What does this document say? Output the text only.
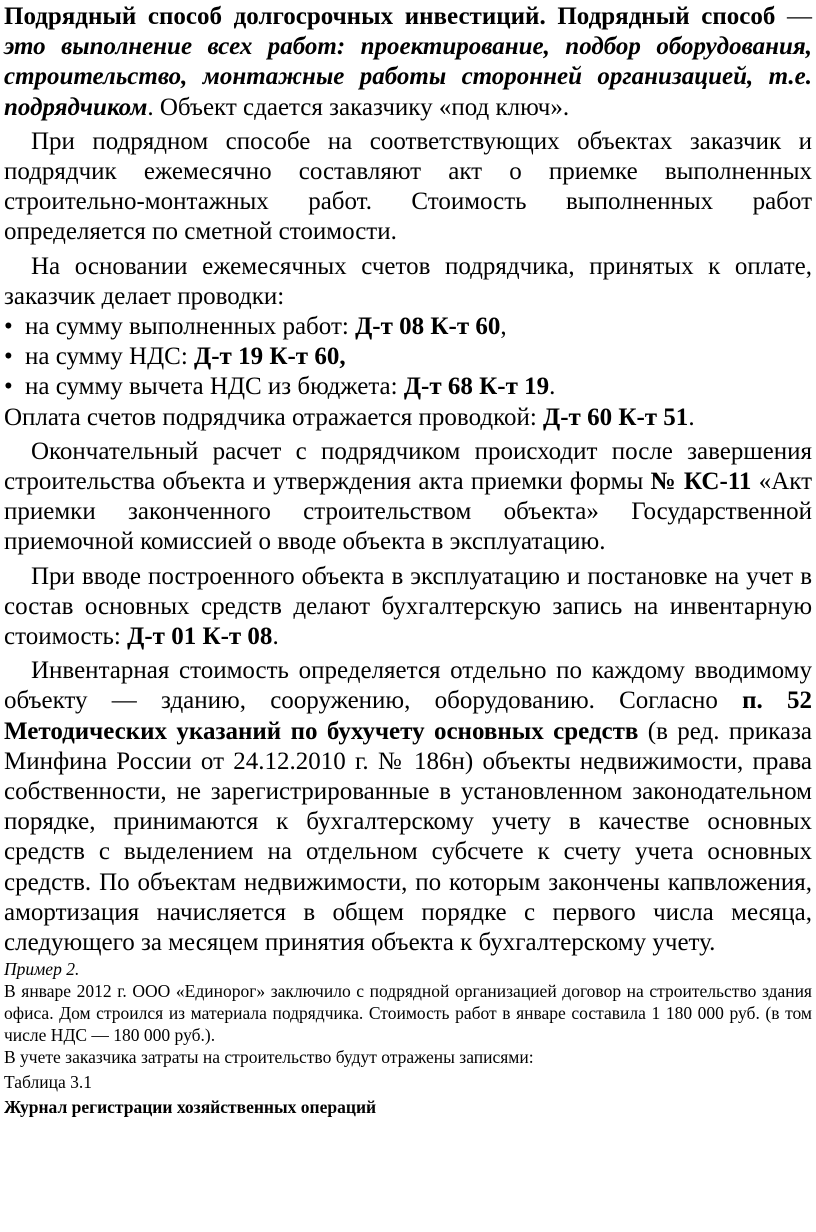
Подрядный способ долгосрочных инвестиций. Подрядный способ — это выполнение всех работ: проектирование, подбор оборудования, строительство, монтажные работы сторонней организацией, т.е. подрядчиком. Объект сдается заказчику «под ключ».

При подрядном способе на соответствующих объектах заказчик и подрядчик ежемесячно составляют акт о приемке выполненных строительно-монтажных работ. Стоимость выполненных работ определяется по сметной стоимости.

На основании ежемесячных счетов подрядчика, принятых к оплате, заказчик делает проводки:

• на сумму выполненных работ: Д-т 08 К-т 60,
• на сумму НДС: Д-т 19 К-т 60,
• на сумму вычета НДС из бюджета: Д-т 68 К-т 19.

Оплата счетов подрядчика отражается проводкой: Д-т 60 К-т 51.

Окончательный расчет с подрядчиком происходит после завершения строительства объекта и утверждения акта приемки формы № КС-11 «Акт приемки законченного строительством объекта» Государственной приемочной комиссией о вводе объекта в эксплуатацию.

При вводе построенного объекта в эксплуатацию и постановке на учет в состав основных средств делают бухгалтерскую запись на инвентарную стоимость: Д-т 01 К-т 08.

Инвентарная стоимость определяется отдельно по каждому вводимому объекту — зданию, сооружению, оборудованию. Согласно п. 52 Методических указаний по бухучету основных средств (в ред. приказа Минфина России от 24.12.2010 г. № 186н) объекты недвижимости, права собственности, не зарегистрированные в установленном законодательном порядке, принимаются к бухгалтерскому учету в качестве основных средств с выделением на отдельном субсчете к счету учета основных средств. По объектам недвижимости, по которым закончены капвложения, амортизация начисляется в общем порядке с первого числа месяца, следующего за месяцем принятия объекта к бухгалтерскому учету.

Пример 2.

В январе 2012 г. ООО «Единорог» заключило с подрядной организацией договор на строительство здания офиса. Дом строился из материала подрядчика. Стоимость работ в январе составила 1 180 000 руб. (в том числе НДС — 180 000 руб.).

В учете заказчика затраты на строительство будут отражены записями:

Таблица 3.1

Журнал регистрации хозяйственных операций
